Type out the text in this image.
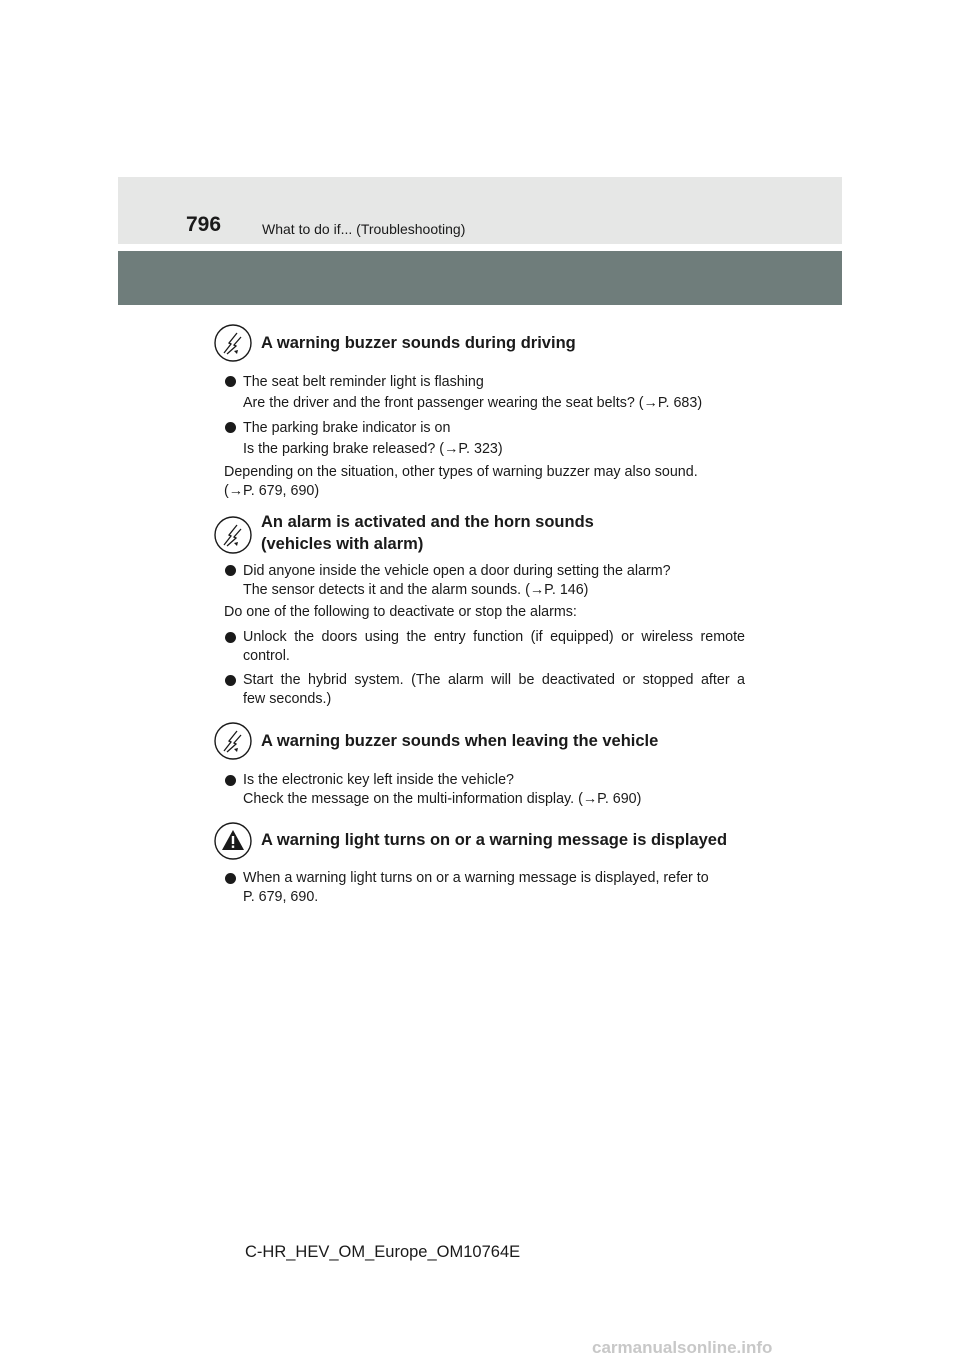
796	What to do if... (Troubleshooting)
A warning buzzer sounds during driving
The seat belt reminder light is flashing
Are the driver and the front passenger wearing the seat belts? (→P. 683)
The parking brake indicator is on
Is the parking brake released? (→P. 323)
Depending on the situation, other types of warning buzzer may also sound.
(→P. 679, 690)
An alarm is activated and the horn sounds
(vehicles with alarm)
Did anyone inside the vehicle open a door during setting the alarm?
The sensor detects it and the alarm sounds. (→P. 146)
Do one of the following to deactivate or stop the alarms:
Unlock the doors using the entry function (if equipped) or wireless remote
control.
Start the hybrid system. (The alarm will be deactivated or stopped after a
few seconds.)
A warning buzzer sounds when leaving the vehicle
Is the electronic key left inside the vehicle?
Check the message on the multi-information display. (→P. 690)
A warning light turns on or a warning message is displayed
When a warning light turns on or a warning message is displayed, refer to
P. 679, 690.
C-HR_HEV_OM_Europe_OM10764E
carmanualsonline.info
